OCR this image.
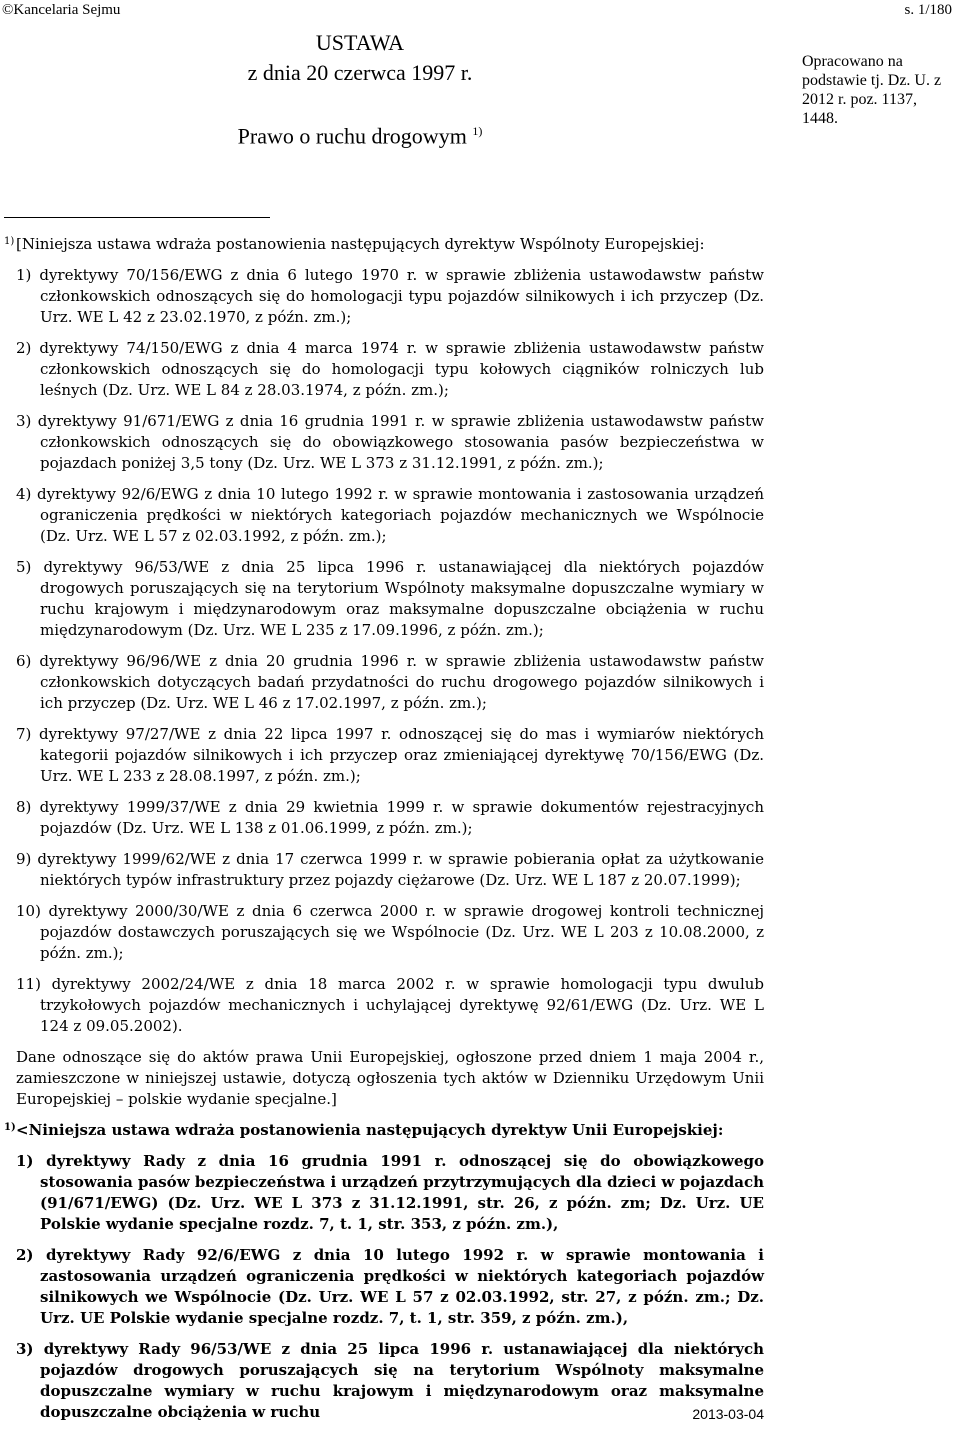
©Kancelaria Sejmu	s. 1/180
USTAWA
z dnia 20 czerwca 1997 r.
Prawo o ruchu drogowym $^{1)}$
Opracowano na podstawie tj. Dz. U. z 2012 r. poz. 1137, 1448.
1) [Niniejsza ustawa wdraża postanowienia następujących dyrektyw Wspólnoty Europejskiej:
1) dyrektywy 70/156/EWG z dnia 6 lutego 1970 r. w sprawie zbliżenia ustawodawstw państw członkowskich odnoszących się do homologacji typu pojazdów silnikowych i ich przyczep (Dz. Urz. WE L 42 z 23.02.1970, z późn. zm.);
2) dyrektywy 74/150/EWG z dnia 4 marca 1974 r. w sprawie zbliżenia ustawodawstw państw członkowskich odnoszących się do homologacji typu kołowych ciągników rolniczych lub leśnych (Dz. Urz. WE L 84 z 28.03.1974, z późn. zm.);
3) dyrektywy 91/671/EWG z dnia 16 grudnia 1991 r. w sprawie zbliżenia ustawodawstw państw członkowskich odnoszących się do obowiązkowego stosowania pasów bezpieczeństwa w pojazdach poniżej 3,5 tony (Dz. Urz. WE L 373 z 31.12.1991, z późn. zm.);
4) dyrektywy 92/6/EWG z dnia 10 lutego 1992 r. w sprawie montowania i zastosowania urządzeń ograniczenia prędkości w niektórych kategoriach pojazdów mechanicznych we Wspólnocie (Dz. Urz. WE L 57 z 02.03.1992, z późn. zm.);
5) dyrektywy 96/53/WE z dnia 25 lipca 1996 r. ustanawiającej dla niektórych pojazdów drogowych poruszających się na terytorium Wspólnoty maksymalne dopuszczalne wymiary w ruchu krajowym i międzynarodowym oraz maksymalne dopuszczalne obciążenia w ruchu międzynarodowym (Dz. Urz. WE L 235 z 17.09.1996, z późn. zm.);
6) dyrektywy 96/96/WE z dnia 20 grudnia 1996 r. w sprawie zbliżenia ustawodawstw państw członkowskich dotyczących badań przydatności do ruchu drogowego pojazdów silnikowych i ich przyczep (Dz. Urz. WE L 46 z 17.02.1997, z późn. zm.);
7) dyrektywy 97/27/WE z dnia 22 lipca 1997 r. odnoszącej się do mas i wymiarów niektórych kategorii pojazdów silnikowych i ich przyczep oraz zmieniającej dyrektywę 70/156/EWG (Dz. Urz. WE L 233 z 28.08.1997, z późn. zm.);
8) dyrektywy 1999/37/WE z dnia 29 kwietnia 1999 r. w sprawie dokumentów rejestracyjnych pojazdów (Dz. Urz. WE L 138 z 01.06.1999, z późn. zm.);
9) dyrektywy 1999/62/WE z dnia 17 czerwca 1999 r. w sprawie pobierania opłat za użytkowanie niektórych typów infrastruktury przez pojazdy ciężarowe (Dz. Urz. WE L 187 z 20.07.1999);
10) dyrektywy 2000/30/WE z dnia 6 czerwca 2000 r. w sprawie drogowej kontroli technicznej pojazdów dostawczych poruszających się we Wspólnocie (Dz. Urz. WE L 203 z 10.08.2000, z późn. zm.);
11) dyrektywy 2002/24/WE z dnia 18 marca 2002 r. w sprawie homologacji typu dwulub trzykołowych pojazdów mechanicznych i uchylającej dyrektywę 92/61/EWG (Dz. Urz. WE L 124 z 09.05.2002).
Dane odnoszące się do aktów prawa Unii Europejskiej, ogłoszone przed dniem 1 maja 2004 r., zamieszczone w niniejszej ustawie, dotyczą ogłoszenia tych aktów w Dzienniku Urzędowym Unii Europejskiej – polskie wydanie specjalne.]
1) <Niniejsza ustawa wdraża postanowienia następujących dyrektyw Unii Europejskiej:
1) dyrektywy Rady z dnia 16 grudnia 1991 r. odnoszącej się do obowiązkowego stosowania pasów bezpieczeństwa i urządzeń przytrzymujących dla dzieci w pojazdach (91/671/EWG) (Dz. Urz. WE L 373 z 31.12.1991, str. 26, z późn. zm; Dz. Urz. UE Polskie wydanie specjalne rozdz. 7, t. 1, str. 353, z późn. zm.),
2) dyrektywy Rady 92/6/EWG z dnia 10 lutego 1992 r. w sprawie montowania i zastosowania urządzeń ograniczenia prędkości w niektórych kategoriach pojazdów silnikowych we Wspólnocie (Dz. Urz. WE L 57 z 02.03.1992, str. 27, z późn. zm.; Dz. Urz. UE Polskie wydanie specjalne rozdz. 7, t. 1, str. 359, z późn. zm.),
3) dyrektywy Rady 96/53/WE z dnia 25 lipca 1996 r. ustanawiającej dla niektórych pojazdów drogowych poruszających się na terytorium Wspólnoty maksymalne dopuszczalne wymiary w ruchu krajowym i międzynarodowym oraz maksymalne dopuszczalne obciążenia w ruchu	2013-03-04
